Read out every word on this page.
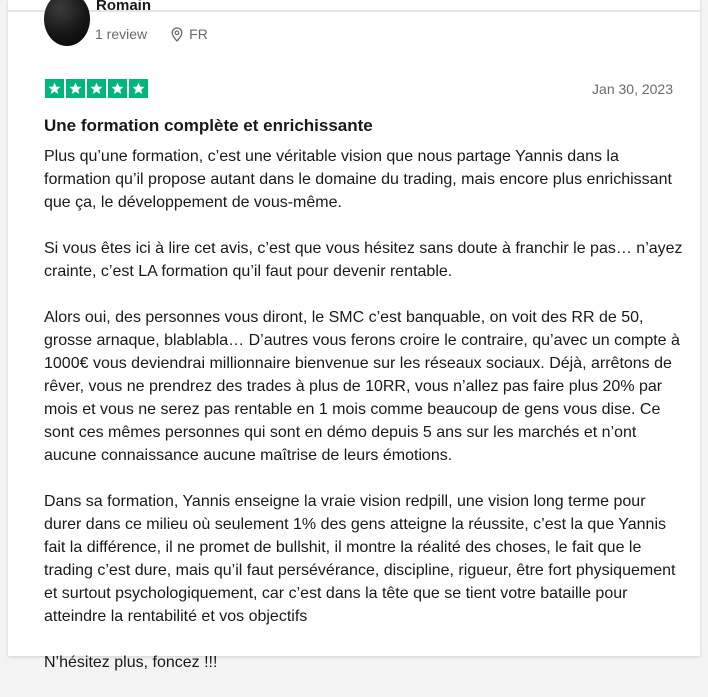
Romain
1 review	FR
Jan 30, 2023
Une formation complète et enrichissante

Plus qu’une formation, c’est une véritable vision que nous partage Yannis dans la formation qu’il propose autant dans le domaine du trading, mais encore plus enrichissant que ça, le développement de vous-même.

Si vous êtes ici à lire cet avis, c’est que vous hésitez sans doute à franchir le pas… n’ayez crainte, c’est LA formation qu’il faut pour devenir rentable.

Alors oui, des personnes vous diront, le SMC c’est banquable, on voit des RR de 50, grosse arnaque, blablabla… D’autres vous ferons croire le contraire, qu’avec un compte à 1000€ vous deviendrai millionnaire bienvenue sur les réseaux sociaux. Déjà, arrêtons de rêver, vous ne prendrez des trades à plus de 10RR, vous n’allez pas faire plus 20% par mois et vous ne serez pas rentable en 1 mois comme beaucoup de gens vous dise. Ce sont ces mêmes personnes qui sont en démo depuis 5 ans sur les marchés et n’ont aucune connaissance aucune maîtrise de leurs émotions.

Dans sa formation, Yannis enseigne la vraie vision redpill, une vision long terme pour durer dans ce milieu où seulement 1% des gens atteigne la réussite, c’est la que Yannis fait la différence, il ne promet de bullshit, il montre la réalité des choses, le fait que le trading c’est dure, mais qu’il faut persévérance, discipline, rigueur, être fort physiquement et surtout psychologiquement, car c’est dans la tête que se tient votre bataille pour atteindre la rentabilité et vos objectifs

N’hésitez plus, foncez !!!
